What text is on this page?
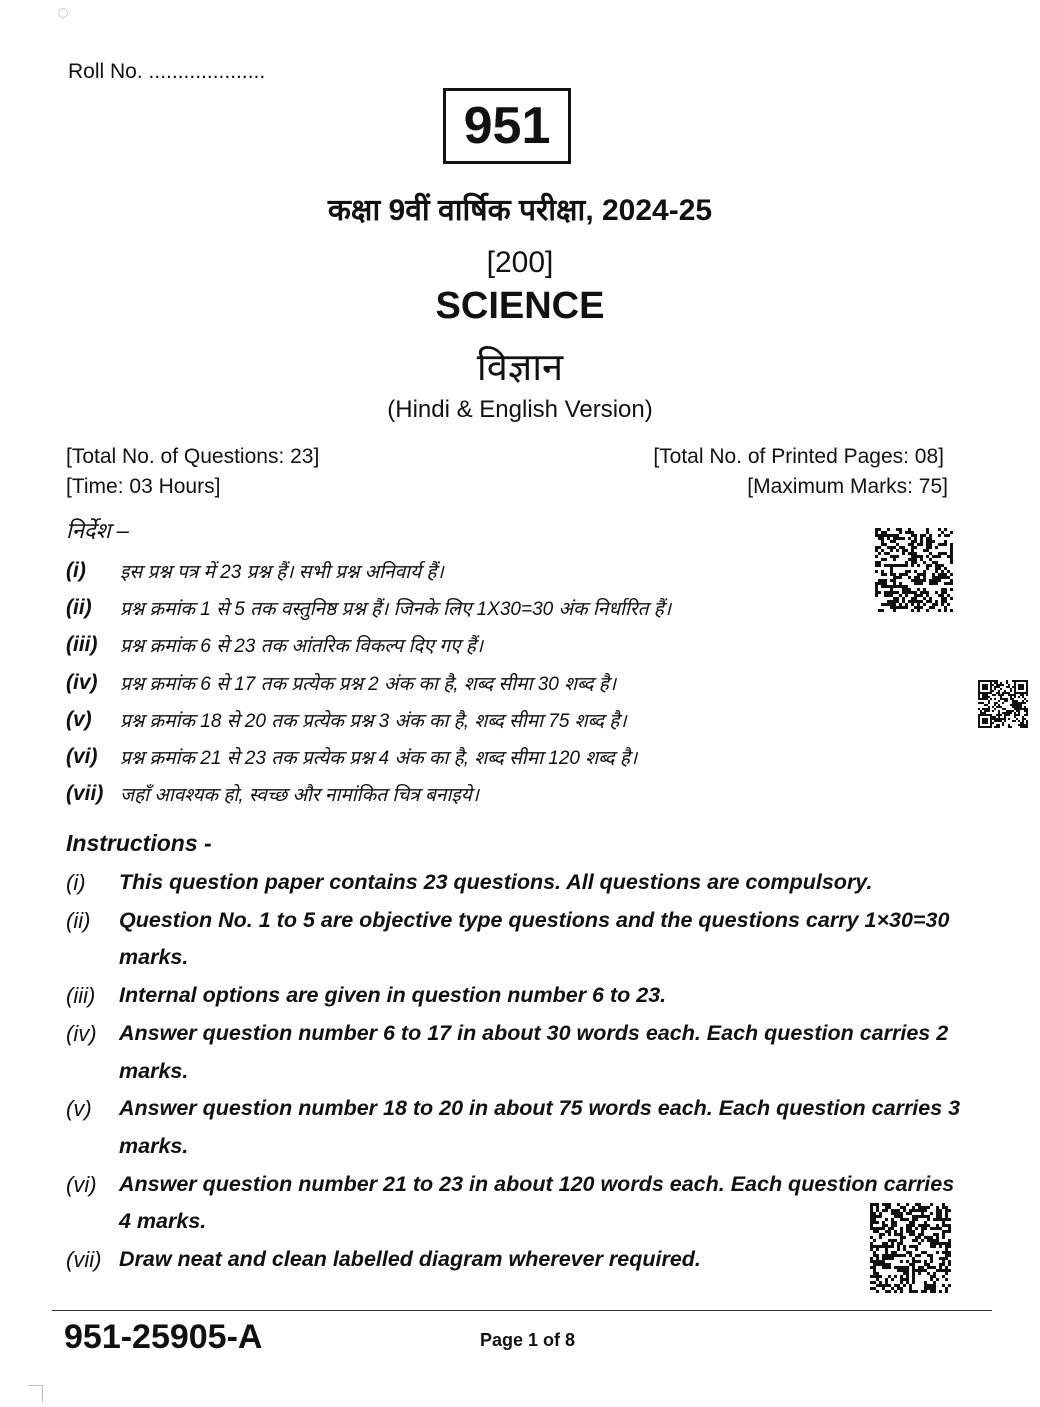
Roll No. ....................
951
कक्षा 9वीं वार्षिक परीक्षा, 2024-25
[200]
SCIENCE
विज्ञान
(Hindi & English Version)
[Total No. of Questions: 23]
[Time: 03 Hours]
[Total No. of Printed Pages: 08]
[Maximum Marks: 75]
निर्देश –
(i)	इस प्रश्न पत्र में 23 प्रश्न हैं। सभी प्रश्न अनिवार्य हैं।
(ii)	प्रश्न क्रमांक 1 से 5 तक वस्तुनिष्ठ प्रश्न हैं। जिनके लिए 1X30=30 अंक निर्धारित हैं।
(iii)	प्रश्न क्रमांक 6 से 23 तक आंतरिक विकल्प दिए गए हैं।
(iv)	प्रश्न क्रमांक 6 से 17 तक प्रत्येक प्रश्न 2 अंक का है, शब्द सीमा 30 शब्द है।
(v)	प्रश्न क्रमांक 18 से 20 तक प्रत्येक प्रश्न 3 अंक का है, शब्द सीमा 75 शब्द है।
(vi)	प्रश्न क्रमांक 21 से 23 तक प्रत्येक प्रश्न 4 अंक का है, शब्द सीमा 120 शब्द है।
(vii) जहाँ आवश्यक हो, स्वच्छ और नामांकित चित्र बनाइये।
Instructions -
(i)	This question paper contains 23 questions. All questions are compulsory.
(ii)	Question No. 1 to 5 are objective type questions and the questions carry 1×30=30 marks.
(iii)	Internal options are given in question number 6 to 23.
(iv)	Answer question number 6 to 17 in about 30 words each. Each question carries 2 marks.
(v)	Answer question number 18 to 20 in about 75 words each. Each question carries 3 marks.
(vi)	Answer question number 21 to 23 in about 120 words each. Each question carries 4 marks.
(vii) Draw neat and clean labelled diagram wherever required.
951-25905-A	Page 1 of 8
